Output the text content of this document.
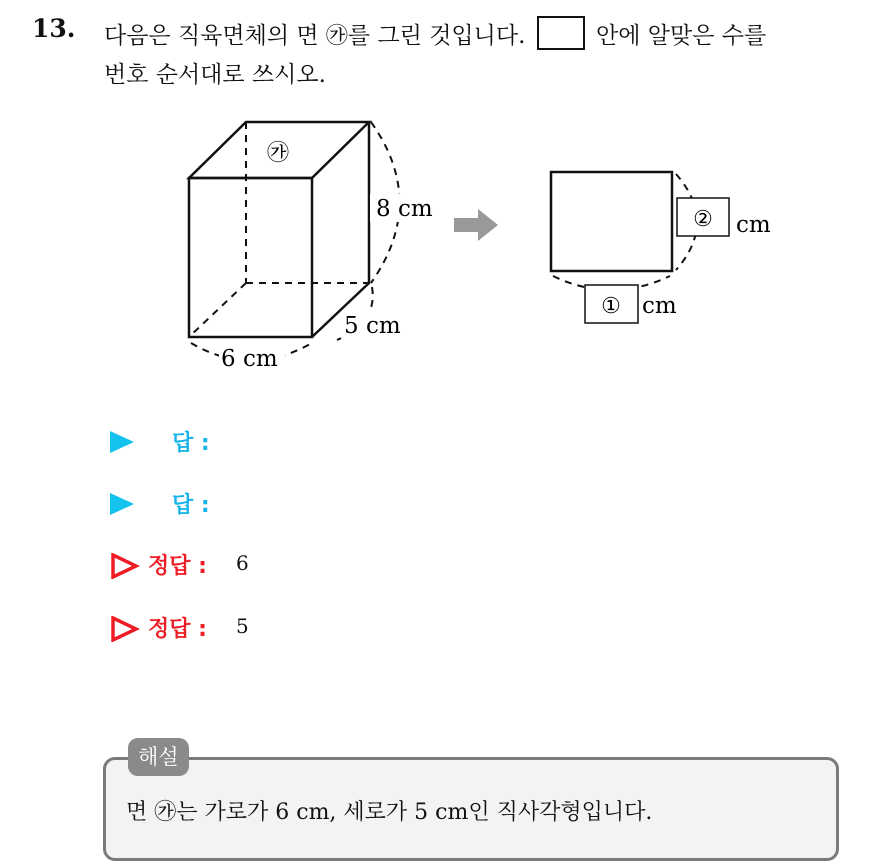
13. 다음은 직육면체의 면 ㉮를 그린 것입니다.  안에 알맞은 수를
번호 순서대로 쓰시오.
㉮
8 cm
5 cm
6 cm
② cm
① cm
답 :
답 :
정답 : 6
정답 : 5
해설
면 ㉮는 가로가 6 cm, 세로가 5 cm인 직사각형입니다.
